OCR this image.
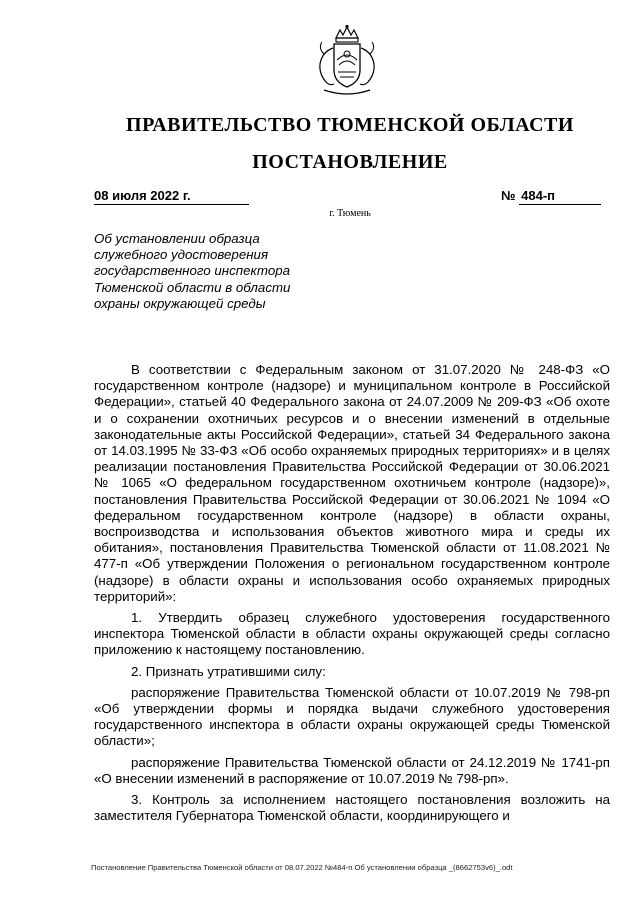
ПРАВИТЕЛЬСТВО ТЮМЕНСКОЙ ОБЛАСТИ
ПОСТАНОВЛЕНИЕ
08 июля 2022 г.	№ 484-п
г. Тюмень
Об установлении образца служебного удостоверения государственного инспектора Тюменской области в области охраны окружающей среды

В соответствии с Федеральным законом от 31.07.2020 № 248-ФЗ «О государственном контроле (надзоре) и муниципальном контроле в Российской Федерации», статьей 40 Федерального закона от 24.07.2009 № 209-ФЗ «Об охоте и о сохранении охотничьих ресурсов и о внесении изменений в отдельные законодательные акты Российской Федерации», статьей 34 Федерального закона от 14.03.1995 № 33-ФЗ «Об особо охраняемых природных территориях» и в целях реализации постановления Правительства Российской Федерации от 30.06.2021 № 1065 «О федеральном государственном охотничьем контроле (надзоре)», постановления Правительства Российской Федерации от 30.06.2021 № 1094 «О федеральном государственном контроле (надзоре) в области охраны, воспроизводства и использования объектов животного мира и среды их обитания», постановления Правительства Тюменской области от 11.08.2021 № 477-п «Об утверждении Положения о региональном государственном контроле (надзоре) в области охраны и использования особо охраняемых природных территорий»:

1. Утвердить образец служебного удостоверения государственного инспектора Тюменской области в области охраны окружающей среды согласно приложению к настоящему постановлению.

2. Признать утратившими силу:

распоряжение Правительства Тюменской области от 10.07.2019 № 798-рп «Об утверждении формы и порядка выдачи служебного удостоверения государственного инспектора в области охраны окружающей среды Тюменской области»;

распоряжение Правительства Тюменской области от 24.12.2019 № 1741-рп «О внесении изменений в распоряжение от 10.07.2019 № 798-рп».

3. Контроль за исполнением настоящего постановления возложить на заместителя Губернатора Тюменской области, координирующего и

Постановление Правительства Тюменской области от 08.07.2022 №484-п Об установлении образца _(8662753v6)_.odt
